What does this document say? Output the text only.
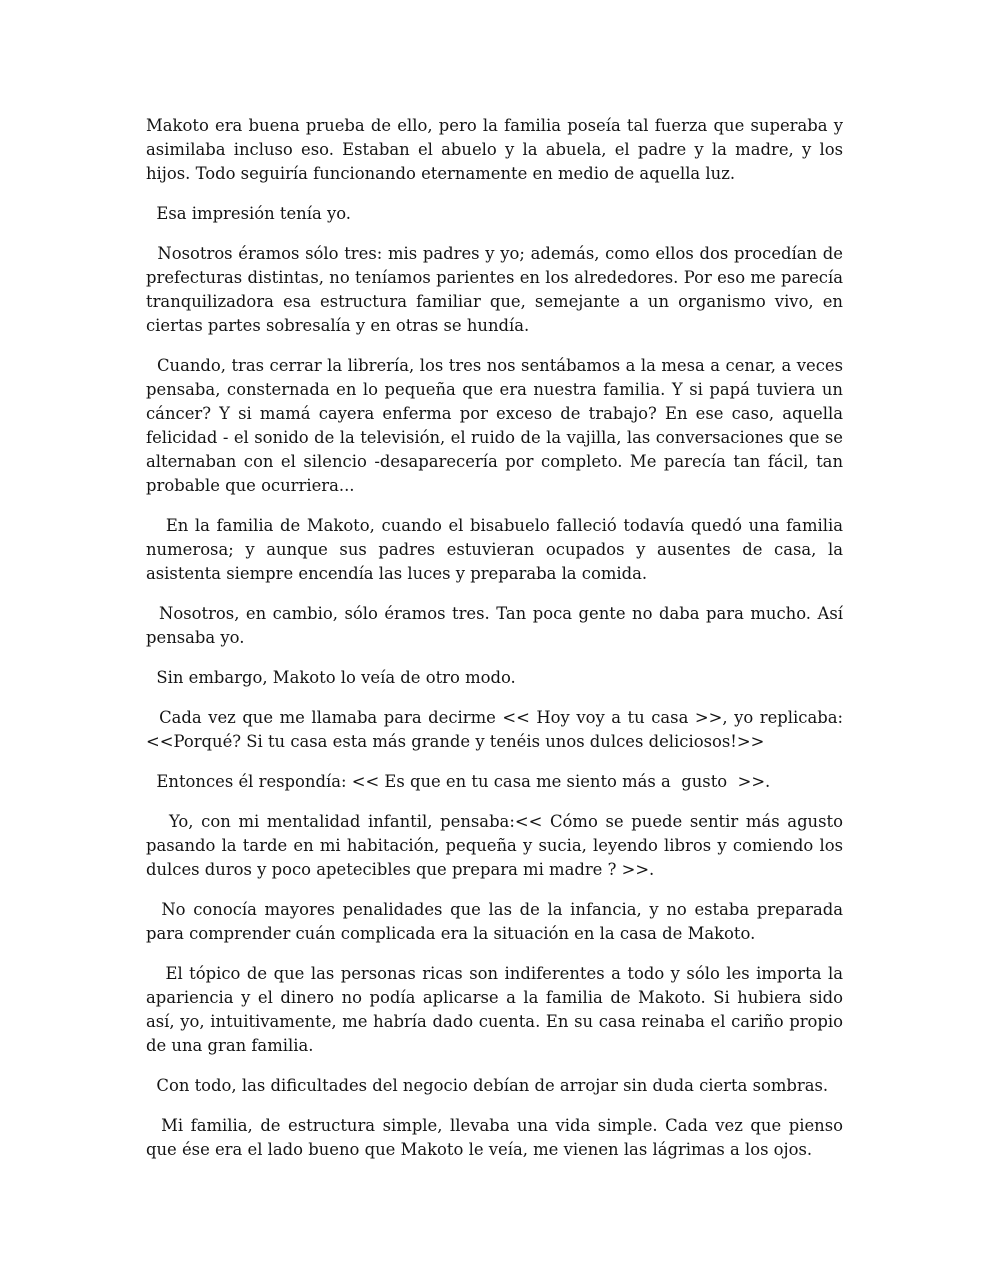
Makoto era buena prueba de ello, pero la familia poseía tal fuerza que superaba y asimilaba incluso eso. Estaban el abuelo y la abuela, el padre y la madre, y los hijos. Todo seguiría funcionando eternamente en medio de aquella luz.

Esa impresión tenía yo.

Nosotros éramos sólo tres: mis padres y yo; además, como ellos dos procedían de prefecturas distintas, no teníamos parientes en los alrededores. Por eso me parecía tranquilizadora esa estructura familiar que, semejante a un organismo vivo, en ciertas partes sobresalía y en otras se hundía.

Cuando, tras cerrar la librería, los tres nos sentábamos a la mesa a cenar, a veces pensaba, consternada en lo pequeña que era nuestra familia. Y si papá tuviera un cáncer? Y si mamá cayera enferma por exceso de trabajo? En ese caso, aquella felicidad - el sonido de la televisión, el ruido de la vajilla, las conversaciones que se alternaban con el silencio -desaparecería por completo. Me parecía tan fácil, tan probable que ocurriera...

En la familia de Makoto, cuando el bisabuelo falleció todavía quedó una familia numerosa; y aunque sus padres estuvieran ocupados y ausentes de casa, la asistenta siempre encendía las luces y preparaba la comida.

Nosotros, en cambio, sólo éramos tres. Tan poca gente no daba para mucho. Así pensaba yo.

Sin embargo, Makoto lo veía de otro modo.

Cada vez que me llamaba para decirme << Hoy voy a tu casa >>, yo replicaba: <<Porqué? Si tu casa esta más grande y tenéis unos dulces deliciosos!>>

Entonces él respondía: << Es que en tu casa me siento más a  gusto  >>.

Yo, con mi mentalidad infantil, pensaba:<< Cómo se puede sentir más agusto pasando la tarde en mi habitación, pequeña y sucia, leyendo libros y comiendo los dulces duros y poco apetecibles que prepara mi madre ? >>.

No conocía mayores penalidades que las de la infancia, y no estaba preparada para comprender cuán complicada era la situación en la casa de Makoto.

El tópico de que las personas ricas son indiferentes a todo y sólo les importa la apariencia y el dinero no podía aplicarse a la familia de Makoto. Si hubiera sido así, yo, intuitivamente, me habría dado cuenta. En su casa reinaba el cariño propio de una gran familia.

Con todo, las dificultades del negocio debían de arrojar sin duda cierta sombras.

Mi familia, de estructura simple, llevaba una vida simple. Cada vez que pienso que ése era el lado bueno que Makoto le veía, me vienen las lágrimas a los ojos.
